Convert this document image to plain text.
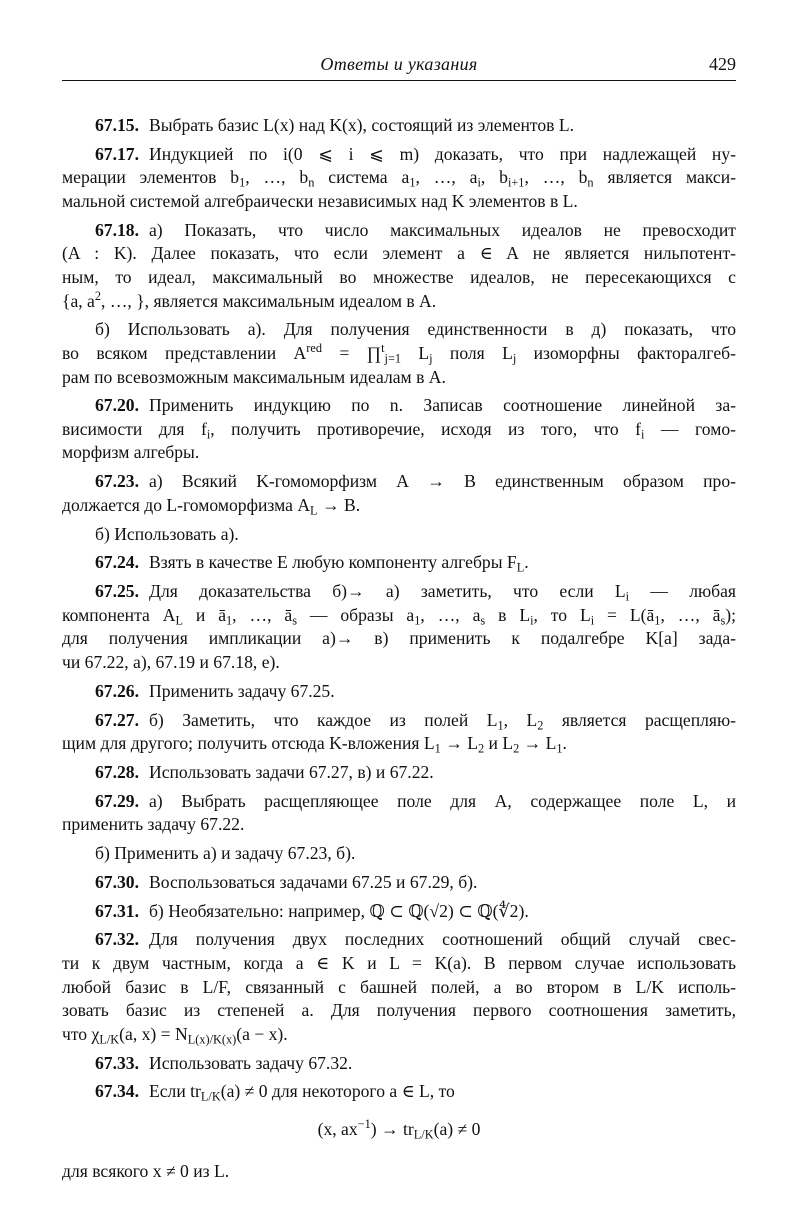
Ответы и указания	429
67.15. Выбрать базис L(x) над K(x), состоящий из элементов L.
67.17. Индукцией по i(0 ⩽ i ⩽ m) доказать, что при надлежащей ну-
мерации элементов $b_1$, …, $b_n$ система $a_1$, …, $a_i$, $b_{i+1}$, …, $b_n$ является макси-
мальной системой алгебраически независимых над K элементов в L.
67.18. а) Показать, что число максимальных идеалов не превосходит
(A : K). Далее показать, что если элемент a ∈ A не является нильпотент-
ным, то идеал, максимальный во множестве идеалов, не пересекающихся с
{a, $a^2$, …, }, является максимальным идеалом в A.
б) Использовать а). Для получения единственности в д) показать, что
во всяком представлении $A^{red}$ = ∏$^t_{j=1}$ $L_j$ поля $L_j$ изоморфны факторалгеб-
рам по всевозможным максимальным идеалам в A.
67.20. Применить индукцию по n. Записав соотношение линейной за-
висимости для $f_i$, получить противоречие, исходя из того, что $f_i$ — гомо-
морфизм алгебры.
67.23. а) Всякий K-гомоморфизм A → B единственным образом про-
должается до L-гомоморфизма $A_L \to B$.
б) Использовать а).
67.24. Взять в качестве E любую компоненту алгебры $F_L$.
67.25. Для доказательства б)→ а) заметить, что если $L_i$ — любая
компонента $A_L$ и $ā_1$, …, $ā_s$ — образы $a_1$, …, $a_s$ в $L_i$, то $L_i$ = $L(ā_1$, …, $ā_s$);
для получения импликации а)→ в) применить к подалгебре K[a] зада-
чи 67.22, а), 67.19 и 67.18, е).
67.26. Применить задачу 67.25.
67.27. б) Заметить, что каждое из полей $L_1$, $L_2$ является расщепляю-
щим для другого; получить отсюда K-вложения $L_1 \to L_2$ и $L_2 \to L_1$.
67.28. Использовать задачи 67.27, в) и 67.22.
67.29. а) Выбрать расщепляющее поле для A, содержащее поле L, и
применить задачу 67.22.
б) Применить а) и задачу 67.23, б).
67.30. Воспользоваться задачами 67.25 и 67.29, б).
67.31. б) Необязательно: например, ℚ ⊂ ℚ(√2) ⊂ ℚ(∜2).
67.32. Для получения двух последних соотношений общий случай свес-
ти к двум частным, когда a ∈ K и L = K(a). В первом случае использовать
любой базис в L/F, связанный с башней полей, а во втором в L/K исполь-
зовать базис из степеней a. Для получения первого соотношения заметить,
что $\chi_{L/K}(a$, $x) = N_{L(x)/K(x)}(a - x)$.
67.33. Использовать задачу 67.32.
67.34. Если $tr_{L/K}(a) \ne 0$ для некоторого a ∈ L, то
(x, $ax^{-1}) \to tr_{L/K}(a) \ne 0$
для всякого x ≠ 0 из L.
